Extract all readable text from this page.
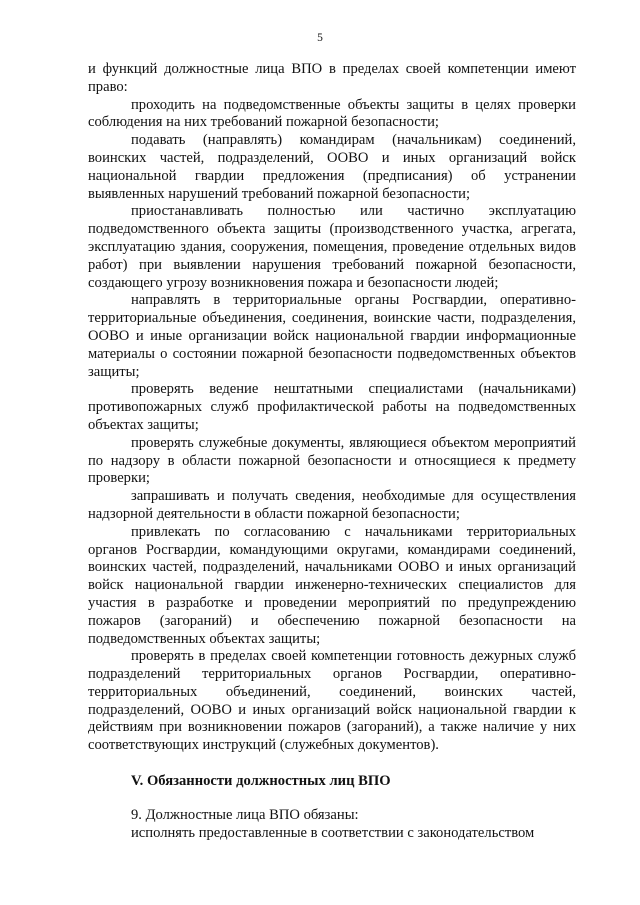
5

и функций должностные лица ВПО в пределах своей компетенции имеют право:

проходить на подведомственные объекты защиты в целях проверки соблюдения на них требований пожарной безопасности;

подавать (направлять) командирам (начальникам) соединений, воинских частей, подразделений, ООВО и иных организаций войск национальной гвардии предложения (предписания) об устранении выявленных нарушений требований пожарной безопасности;

приостанавливать полностью или частично эксплуатацию подведомственного объекта защиты (производственного участка, агрегата, эксплуатацию здания, сооружения, помещения, проведение отдельных видов работ) при выявлении нарушения требований пожарной безопасности, создающего угрозу возникновения пожара и безопасности людей;

направлять в территориальные органы Росгвардии, оперативно-территориальные объединения, соединения, воинские части, подразделения, ООВО и иные организации войск национальной гвардии информационные материалы о состоянии пожарной безопасности подведомственных объектов защиты;

проверять ведение нештатными специалистами (начальниками) противопожарных служб профилактической работы на подведомственных объектах защиты;

проверять служебные документы, являющиеся объектом мероприятий по надзору в области пожарной безопасности и относящиеся к предмету проверки;

запрашивать и получать сведения, необходимые для осуществления надзорной деятельности в области пожарной безопасности;

привлекать по согласованию с начальниками территориальных органов Росгвардии, командующими округами, командирами соединений, воинских частей, подразделений, начальниками ООВО и иных организаций войск национальной гвардии инженерно-технических специалистов для участия в разработке и проведении мероприятий по предупреждению пожаров (загораний) и обеспечению пожарной безопасности на подведомственных объектах защиты;

проверять в пределах своей компетенции готовность дежурных служб подразделений территориальных органов Росгвардии, оперативно-территориальных объединений, соединений, воинских частей, подразделений, ООВО и иных организаций войск национальной гвардии к действиям при возникновении пожаров (загораний), а также наличие у них соответствующих инструкций (служебных документов).

V. Обязанности должностных лиц ВПО

9. Должностные лица ВПО обязаны:

исполнять предоставленные в соответствии с законодательством
